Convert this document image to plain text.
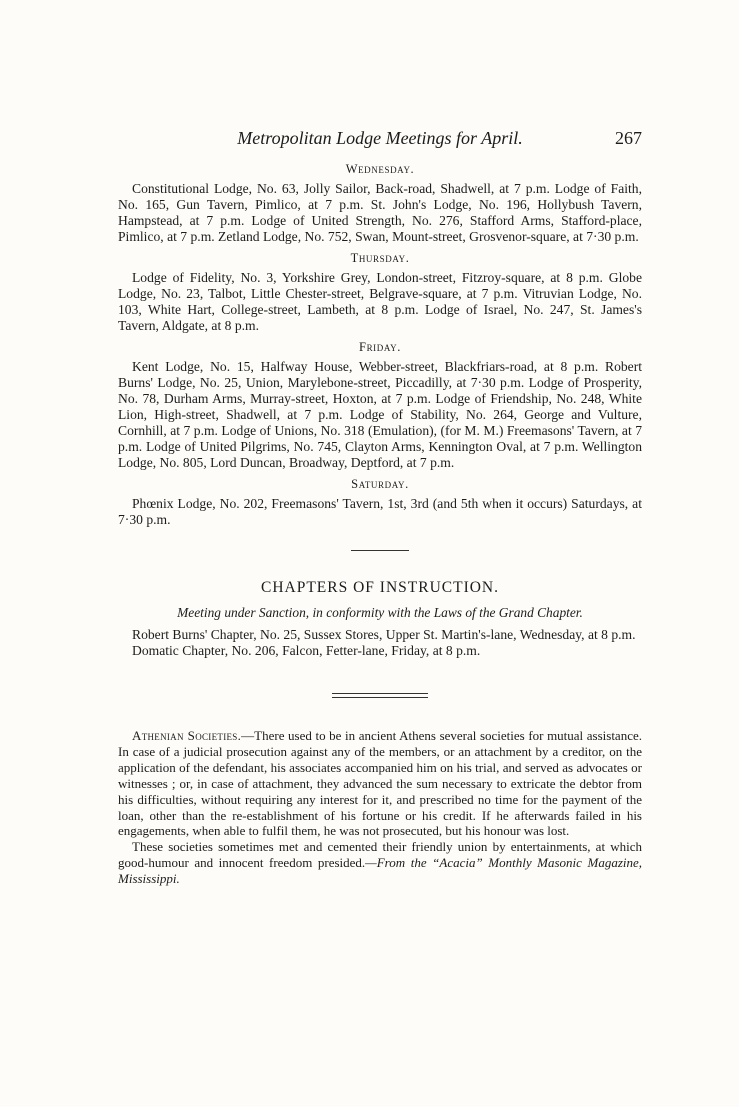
Metropolitan Lodge Meetings for April.	267
Wednesday.

Constitutional Lodge, No. 63, Jolly Sailor, Back-road, Shadwell, at 7 p.m. Lodge of Faith, No. 165, Gun Tavern, Pimlico, at 7 p.m. St. John's Lodge, No. 196, Hollybush Tavern, Hampstead, at 7 p.m. Lodge of United Strength, No. 276, Stafford Arms, Stafford-place, Pimlico, at 7 p.m. Zetland Lodge, No. 752, Swan, Mount-street, Grosvenor-square, at 7·30 p.m.

Thursday.

Lodge of Fidelity, No. 3, Yorkshire Grey, London-street, Fitzroy-square, at 8 p.m. Globe Lodge, No. 23, Talbot, Little Chester-street, Belgrave-square, at 7 p.m. Vitruvian Lodge, No. 103, White Hart, College-street, Lambeth, at 8 p.m. Lodge of Israel, No. 247, St. James's Tavern, Aldgate, at 8 p.m.

Friday.

Kent Lodge, No. 15, Halfway House, Webber-street, Blackfriars-road, at 8 p.m. Robert Burns' Lodge, No. 25, Union, Marylebone-street, Piccadilly, at 7·30 p.m. Lodge of Prosperity, No. 78, Durham Arms, Murray-street, Hoxton, at 7 p.m. Lodge of Friendship, No. 248, White Lion, High-street, Shadwell, at 7 p.m. Lodge of Stability, No. 264, George and Vulture, Cornhill, at 7 p.m. Lodge of Unions, No. 318 (Emulation), (for M. M.) Freemasons' Tavern, at 7 p.m. Lodge of United Pilgrims, No. 745, Clayton Arms, Kennington Oval, at 7 p.m. Wellington Lodge, No. 805, Lord Duncan, Broadway, Deptford, at 7 p.m.

Saturday.

Phœnix Lodge, No. 202, Freemasons' Tavern, 1st, 3rd (and 5th when it occurs) Saturdays, at 7·30 p.m.

CHAPTERS OF INSTRUCTION.
Meeting under Sanction, in conformity with the Laws of the Grand Chapter.

Robert Burns' Chapter, No. 25, Sussex Stores, Upper St. Martin's-lane, Wednesday, at 8 p.m.

Domatic Chapter, No. 206, Falcon, Fetter-lane, Friday, at 8 p.m.

Athenian Societies.—There used to be in ancient Athens several societies for mutual assistance. In case of a judicial prosecution against any of the members, or an attachment by a creditor, on the application of the defendant, his associates accompanied him on his trial, and served as advocates or witnesses ; or, in case of attachment, they advanced the sum necessary to extricate the debtor from his difficulties, without requiring any interest for it, and prescribed no time for the payment of the loan, other than the re-establishment of his fortune or his credit. If he afterwards failed in his engagements, when able to fulfil them, he was not prosecuted, but his honour was lost.

These societies sometimes met and cemented their friendly union by entertainments, at which good-humour and innocent freedom presided.—From the “Acacia” Monthly Masonic Magazine, Mississippi.
